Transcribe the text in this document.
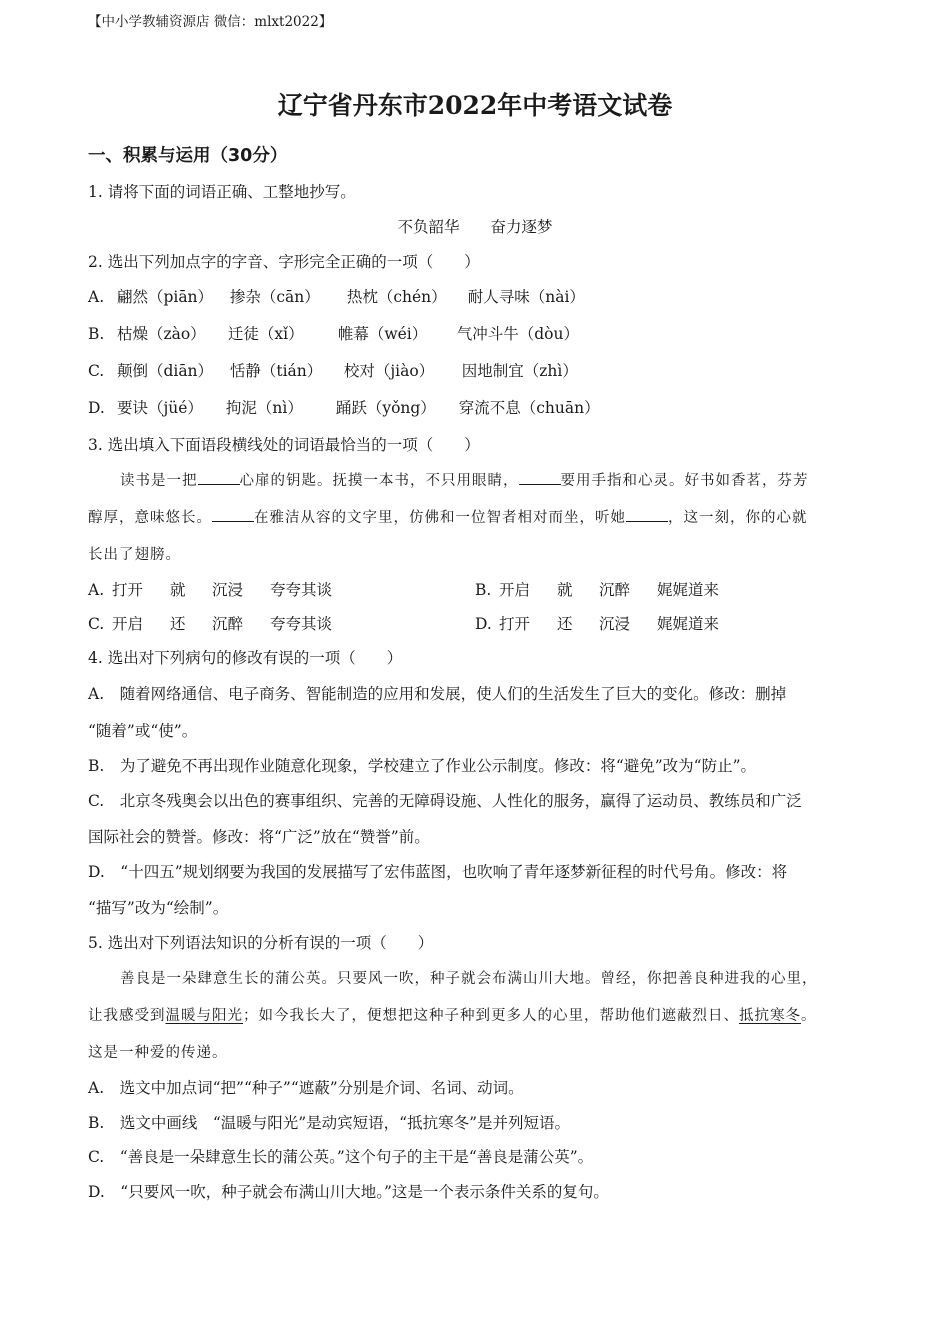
【中小学教辅资源店 微信：mlxt2022】
辽宁省丹东市2022年中考语文试卷
一、积累与运用（30分）
1. 请将下面的词语正确、工整地抄写。
不负韶华　　奋力逐梦
2. 选出下列加点字的字音、字形完全正确的一项（　　）
A. 翩然（piān） 掺杂（cān） 热枕（chén） 耐人寻味（nài）
B. 枯燥（zào） 迁徒（xǐ） 帷幕（wéi） 气冲斗牛（dòu）
C. 颠倒（diān） 恬静（tián） 校对（jiào） 因地制宜（zhì）
D. 要诀（jüé） 拘泥（nì） 踊跃（yǒng） 穿流不息（chuān）
3. 选出填入下面语段横线处的词语最恰当的一项（　　）
读书是一把	心扉的钥匙。抚摸一本书，不只用眼睛，	要用手指和心灵。好书如香茗，芬芳
醇厚，意味悠长。	在雅洁从容的文字里，仿佛和一位智者相对而坐，听她	，这一刻，你的心就
长出了翅膀。
A. 打开 就 沉浸 夸夸其谈	B. 开启 就 沉醉 娓娓道来
C. 开启 还 沉醉 夸夸其谈	D. 打开 还 沉浸 娓娓道来
4. 选出对下列病句的修改有误的一项（　　）
A.　随着网络通信、电子商务、智能制造的应用和发展，使人们的生活发生了巨大的变化。修改：删掉
“随着”或“使”。
B.　为了避免不再出现作业随意化现象，学校建立了作业公示制度。修改：将“避免”改为“防止”。
C.　北京冬残奥会以出色的赛事组织、完善的无障碍设施、人性化的服务，赢得了运动员、教练员和广泛
国际社会的赞誉。修改：将“广泛”放在“赞誉”前。
D.　“十四五”规划纲要为我国的发展描写了宏伟蓝图，也吹响了青年逐梦新征程的时代号角。修改：将
“描写”改为“绘制”。
5. 选出对下列语法知识的分析有误的一项（　　）
善良是一朵肆意生长的蒲公英。只要风一吹，种子就会布满山川大地。曾经，你把善良种进我的心里，
让我感受到温暖与阳光；如今我长大了，便想把这种子种到更多人的心里，帮助他们遮蔽烈日、抵抗寒冬。
这是一种爱的传递。
A.　选文中加点词“把”“种子”“遮蔽”分别是介词、名词、动词。
B.　选文中画线　“温暖与阳光”是动宾短语，“抵抗寒冬”是并列短语。
C.　“善良是一朵肆意生长的蒲公英。”这个句子的主干是“善良是蒲公英”。
D.　“只要风一吹，种子就会布满山川大地。”这是一个表示条件关系的复句。
